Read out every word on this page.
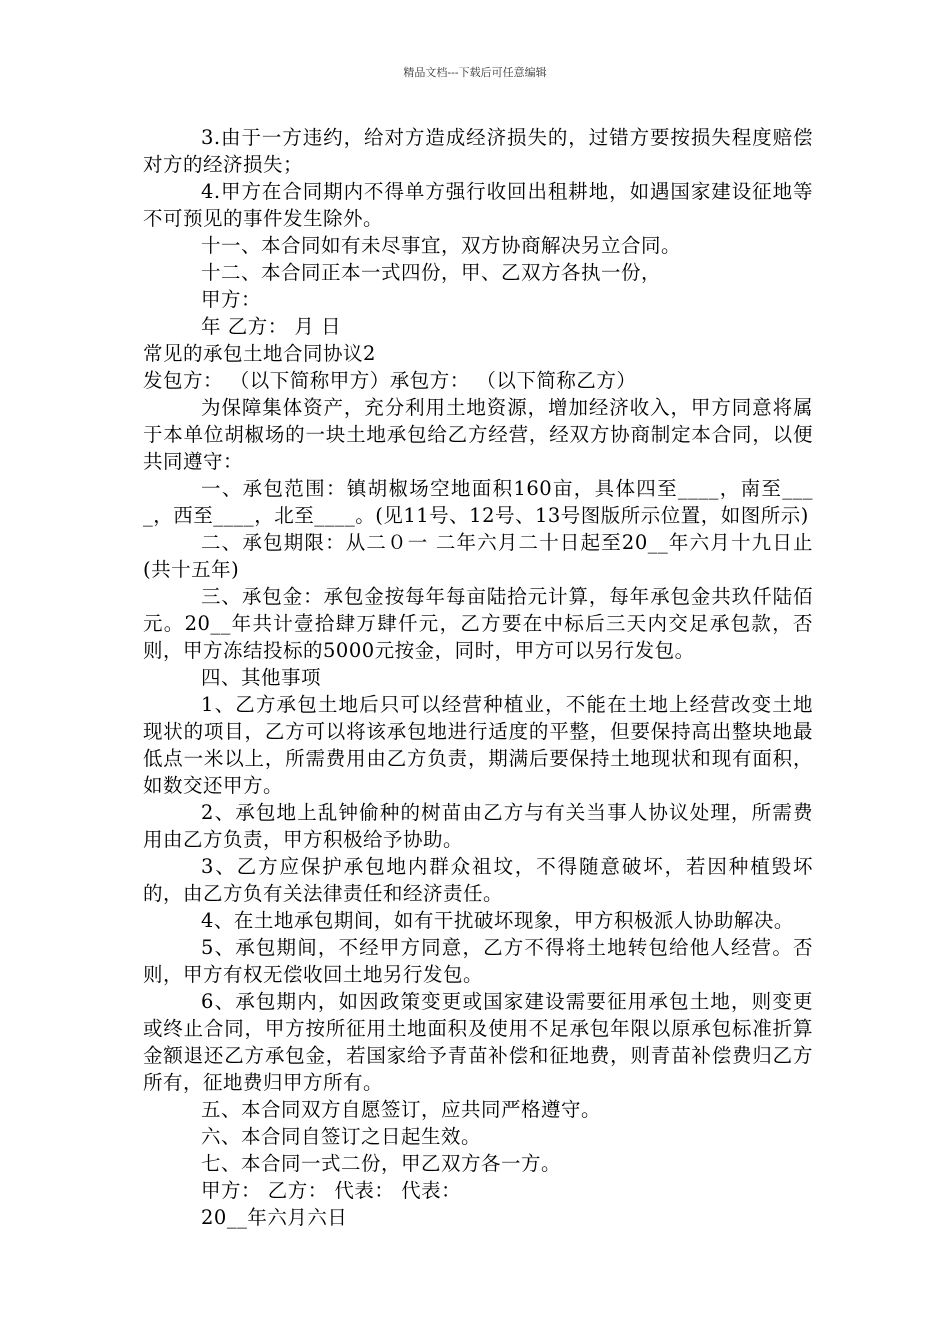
精品文档---下载后可任意编辑

3.由于一方违约，给对方造成经济损失的，过错方要按损失程度赔偿对方的经济损失；

4.甲方在合同期内不得单方强行收回出租耕地，如遇国家建设征地等不可预见的事件发生除外。

十一、本合同如有未尽事宜，双方协商解决另立合同。

十二、本合同正本一式四份，甲、乙双方各执一份，

甲方：

年 乙方： 月 日

常见的承包土地合同协议2

发包方： （以下简称甲方）承包方： （以下简称乙方）

为保障集体资产，充分利用土地资源，增加经济收入，甲方同意将属于本单位胡椒场的一块土地承包给乙方经营，经双方协商制定本合同，以便共同遵守：

一、承包范围：镇胡椒场空地面积160亩，具体四至____，南至____，西至____，北至____。(见11号、12号、13号图版所示位置，如图所示)

二、承包期限：从二０一 二年六月二十日起至20__年六月十九日止(共十五年)

三、承包金：承包金按每年每亩陆拾元计算，每年承包金共玖仟陆佰元。20__年共计壹拾肆万肆仟元，乙方要在中标后三天内交足承包款，否则，甲方冻结投标的5000元按金，同时，甲方可以另行发包。

四、其他事项

1、乙方承包土地后只可以经营种植业，不能在土地上经营改变土地现状的项目，乙方可以将该承包地进行适度的平整，但要保持高出整块地最低点一米以上，所需费用由乙方负责，期满后要保持土地现状和现有面积，如数交还甲方。

2、承包地上乱钟偷种的树苗由乙方与有关当事人协议处理，所需费用由乙方负责，甲方积极给予协助。

3、乙方应保护承包地内群众祖坟，不得随意破坏，若因种植毁坏的，由乙方负有关法律责任和经济责任。

4、在土地承包期间，如有干扰破坏现象，甲方积极派人协助解决。

5、承包期间，不经甲方同意，乙方不得将土地转包给他人经营。否则，甲方有权无偿收回土地另行发包。

6、承包期内，如因政策变更或国家建设需要征用承包土地，则变更或终止合同，甲方按所征用土地面积及使用不足承包年限以原承包标准折算金额退还乙方承包金，若国家给予青苗补偿和征地费，则青苗补偿费归乙方所有，征地费归甲方所有。

五、本合同双方自愿签订，应共同严格遵守。

六、本合同自签订之日起生效。

七、本合同一式二份，甲乙双方各一方。

甲方： 乙方： 代表： 代表：

20__年六月六日
